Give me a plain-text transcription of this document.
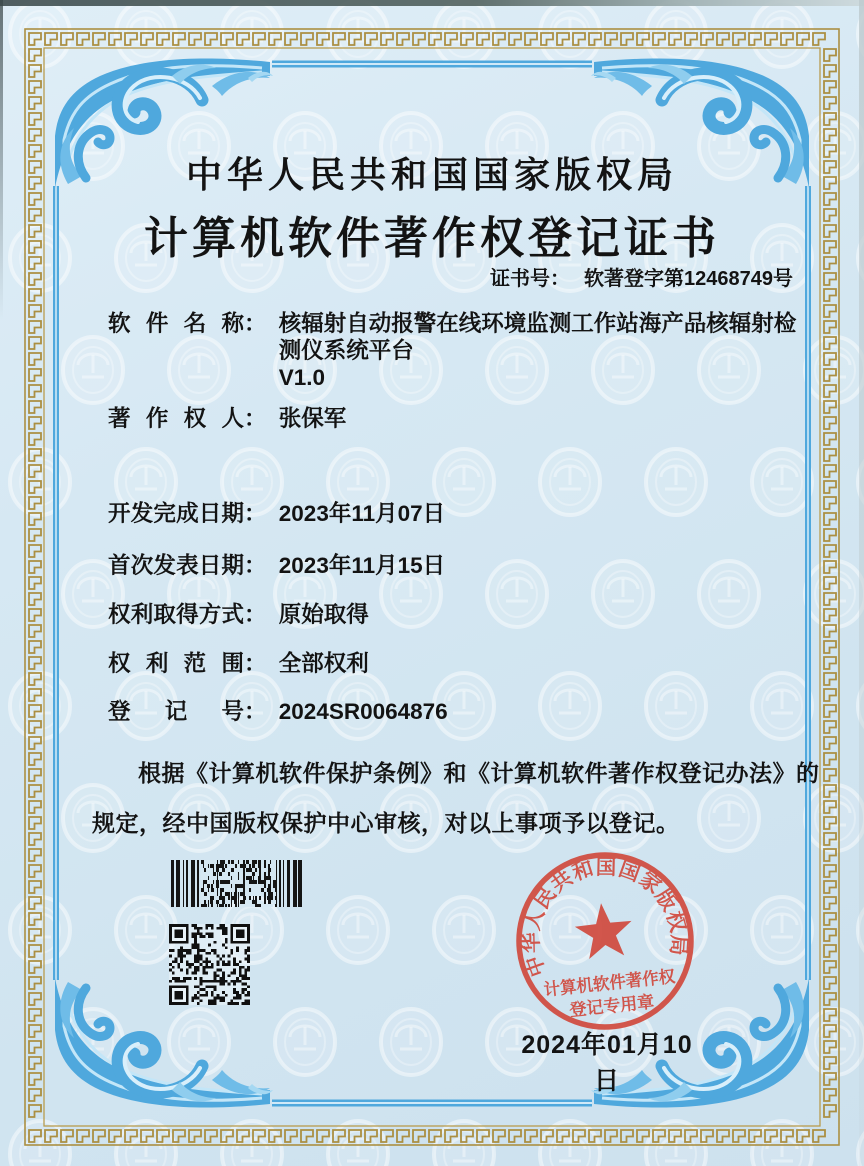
中华人民共和国国家版权局
计算机软件著作权登记证书
证书号： 软著登字第12468749号
软 件 名 称 ： 核辐射自动报警在线环境监测工作站海产品核辐射检
测仪系统平台
V1.0
著 作 权 人 ： 张保军
开 发 完 成 日 期 ： 2023年11月07日
首 次 发 表 日 期 ： 2023年11月15日
权 利 取 得 方 式 ： 原始取得
权 利 范 围 ： 全部权利
登 记 号 ： 2024SR0064876
根据《计算机软件保护条例》和《计算机软件著作权登记办法》的
规定，经中国版权保护中心审核，对以上事项予以登记。
中华人民共和国国家版权局
计算机软件著作权
登记专用章
2024年01月10日
